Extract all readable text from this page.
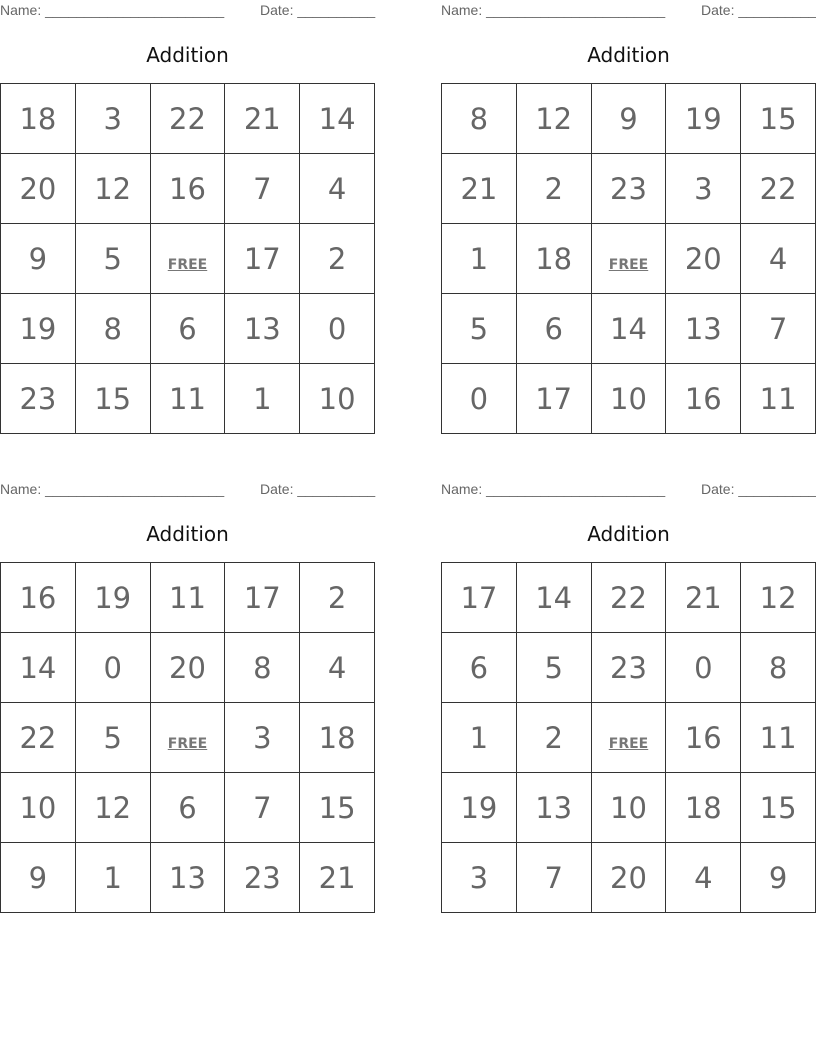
Name: _______________________	Date: __________
Addition
18	3	22	21	14
20	12	16	7	4
9	5	FREE	17	2
19	8	6	13	0
23	15	11	1	10
Name: _______________________	Date: __________
Addition
8	12	9	19	15
21	2	23	3	22
1	18	FREE	20	4
5	6	14	13	7
0	17	10	16	11
Name: _______________________	Date: __________
Addition
16	19	11	17	2
14	0	20	8	4
22	5	FREE	3	18
10	12	6	7	15
9	1	13	23	21
Name: _______________________	Date: __________
Addition
17	14	22	21	12
6	5	23	0	8
1	2	FREE	16	11
19	13	10	18	15
3	7	20	4	9
